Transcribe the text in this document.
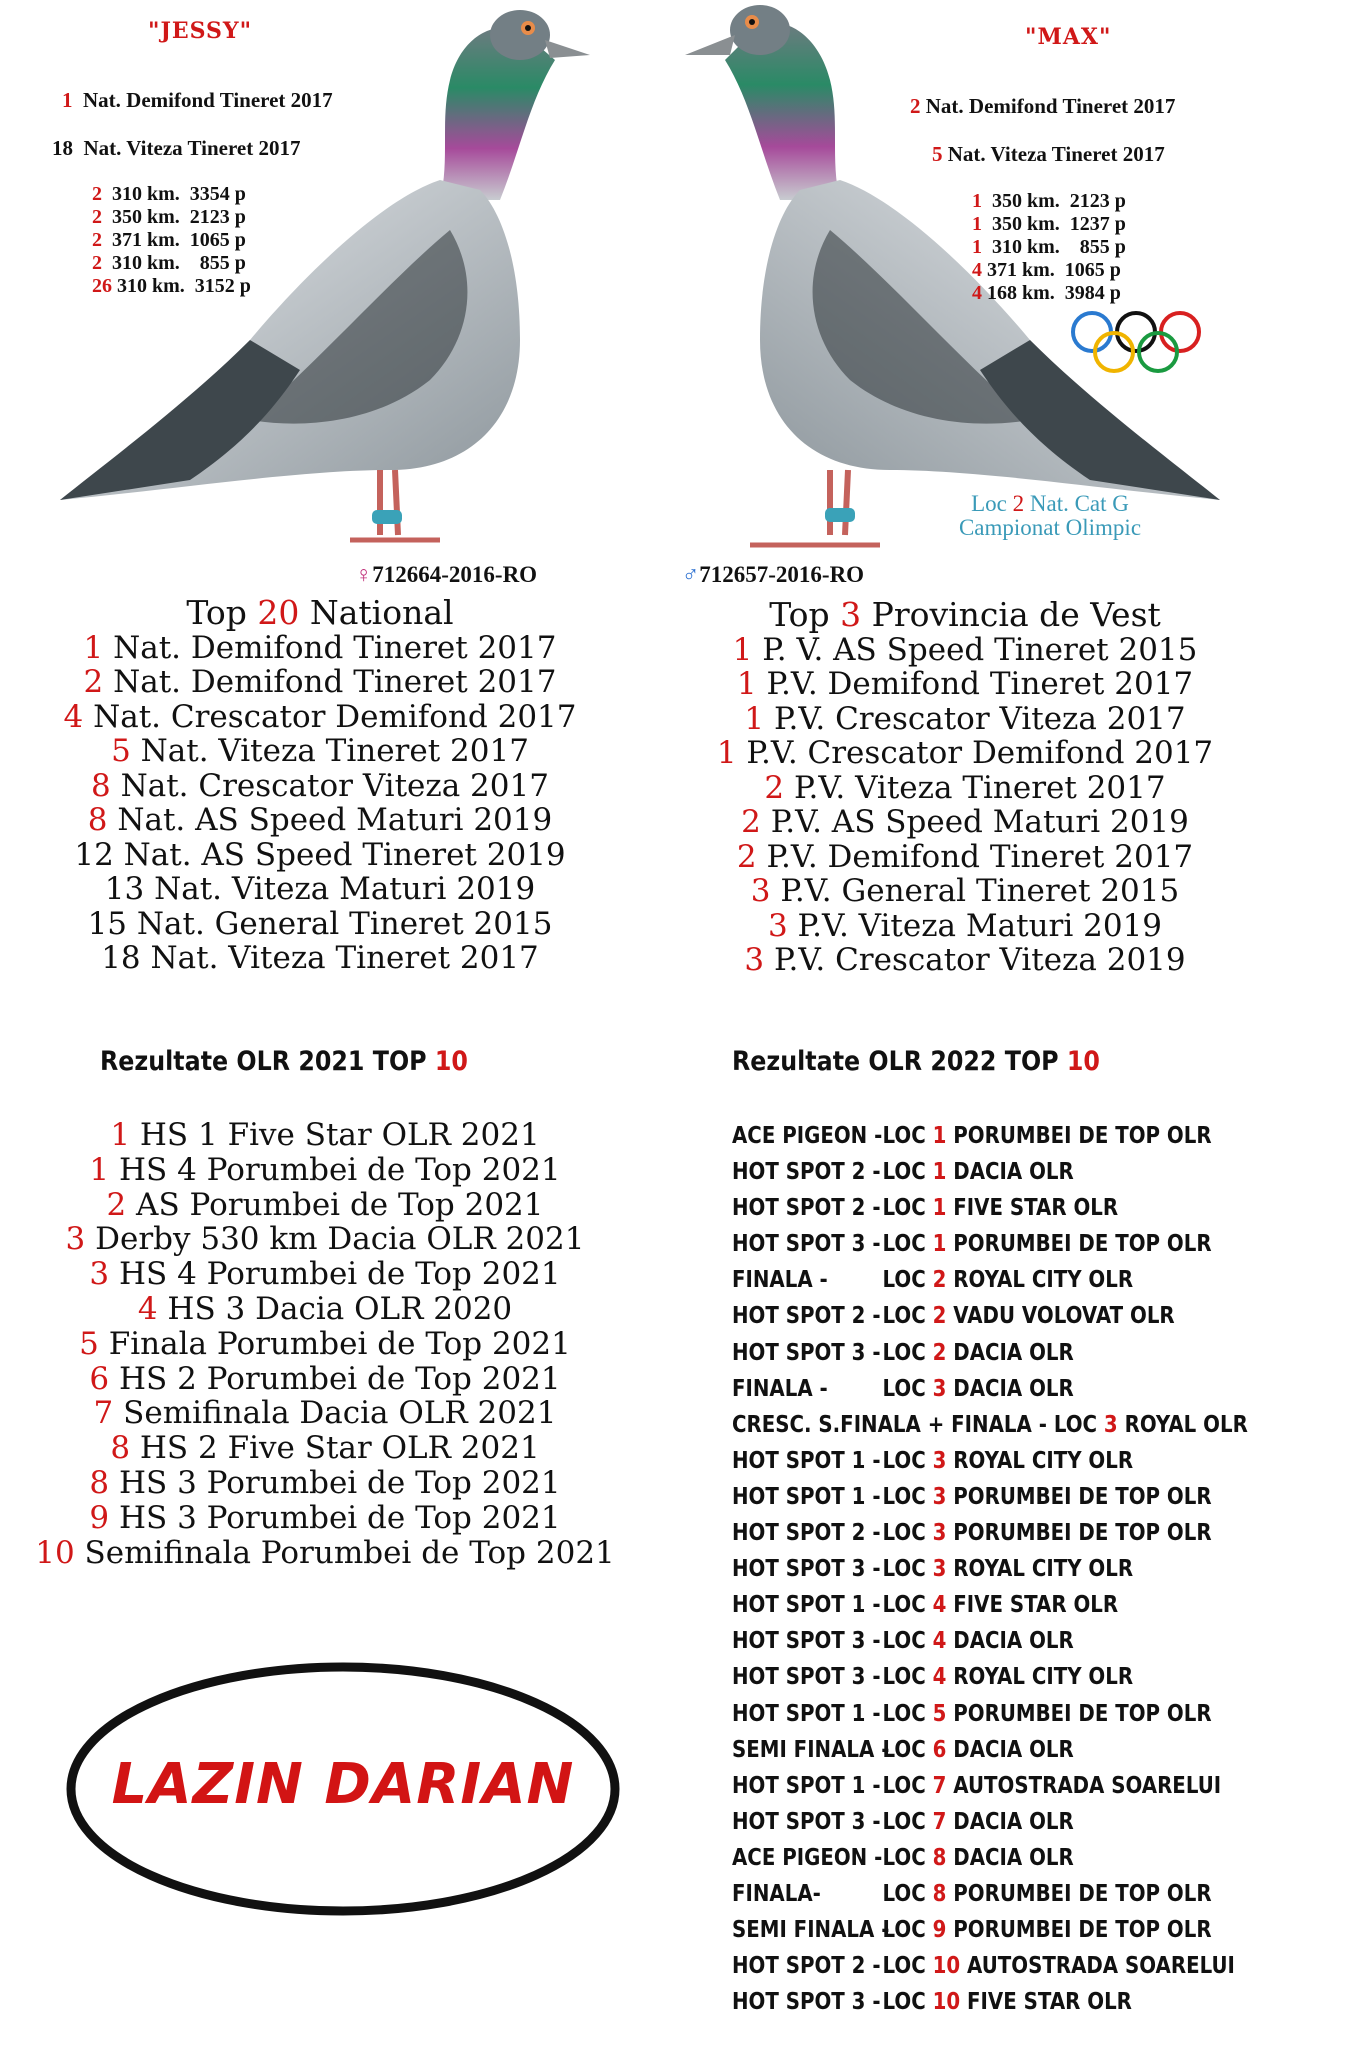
"JESSY"
1 Nat. Demifond Tineret 2017
18 Nat. Viteza Tineret 2017
2  310 km.  3354 p
2  350 km.  2123 p
2  371 km.  1065 p
2  310 km.    855 p
26 310 km.  3152 p
♀712664-2016-RO
"MAX"
2 Nat. Demifond Tineret 2017
5 Nat. Viteza Tineret 2017
1  350 km.  2123 p
1  350 km.  1237 p
1  310 km.    855 p
4 371 km.  1065 p
4 168 km.  3984 p
Loc 2 Nat. Cat G
Campionat Olimpic
♂712657-2016-RO
Top 20 National
1 Nat. Demifond Tineret 2017
2 Nat. Demifond Tineret 2017
4 Nat. Crescator Demifond 2017
5 Nat. Viteza Tineret 2017
8 Nat. Crescator Viteza 2017
8 Nat. AS Speed Maturi 2019
12 Nat. AS Speed Tineret 2019
13 Nat. Viteza Maturi 2019
15 Nat. General Tineret 2015
18 Nat. Viteza Tineret 2017
Top 3 Provincia de Vest
1 P. V. AS Speed Tineret 2015
1 P.V. Demifond Tineret 2017
1 P.V. Crescator Viteza 2017
1 P.V. Crescator Demifond 2017
2 P.V. Viteza Tineret 2017
2 P.V. AS Speed Maturi 2019
2 P.V. Demifond Tineret 2017
3 P.V. General Tineret 2015
3 P.V. Viteza Maturi 2019
3 P.V. Crescator Viteza 2019
Rezultate OLR 2021 TOP 10
1 HS 1 Five Star OLR 2021
1 HS 4 Porumbei de Top 2021
2 AS Porumbei de Top 2021
3 Derby 530 km Dacia OLR 2021
3 HS 4 Porumbei de Top 2021
4 HS 3 Dacia OLR 2020
5 Finala Porumbei de Top 2021
6 HS 2 Porumbei de Top 2021
7 Semifinala Dacia OLR 2021
8 HS 2 Five Star OLR 2021
8 HS 3 Porumbei de Top 2021
9 HS 3 Porumbei de Top 2021
10 Semifinala Porumbei de Top 2021
Rezultate OLR 2022 TOP 10
ACE PIGEON -LOC 1 PORUMBEI DE TOP OLR
HOT SPOT 2 -LOC 1 DACIA OLR
HOT SPOT 2 -LOC 1 FIVE STAR OLR
HOT SPOT 3 -LOC 1 PORUMBEI DE TOP OLR
FINALA - LOC 2 ROYAL CITY OLR
HOT SPOT 2 -LOC 2 VADU VOLOVAT OLR
HOT SPOT 3 -LOC 2 DACIA OLR
FINALA - LOC 3 DACIA OLR
CRESC. S.FINALA + FINALA - LOC 3 ROYAL OLR
HOT SPOT 1 -LOC 3 ROYAL CITY OLR
HOT SPOT 1 -LOC 3 PORUMBEI DE TOP OLR
HOT SPOT 2 -LOC 3 PORUMBEI DE TOP OLR
HOT SPOT 3 -LOC 3 ROYAL CITY OLR
HOT SPOT 1 -LOC 4 FIVE STAR OLR
HOT SPOT 3 -LOC 4 DACIA OLR
HOT SPOT 3 -LOC 4 ROYAL CITY OLR
HOT SPOT 1 -LOC 5 PORUMBEI DE TOP OLR
SEMI FINALA -LOC 6 DACIA OLR
HOT SPOT 1 -LOC 7 AUTOSTRADA SOARELUI
HOT SPOT 3 -LOC 7 DACIA OLR
ACE PIGEON -LOC 8 DACIA OLR
FINALA-	LOC 8 PORUMBEI DE TOP OLR
SEMI FINALA -LOC 9 PORUMBEI DE TOP OLR
HOT SPOT 2 -LOC 10 AUTOSTRADA SOARELUI
HOT SPOT 3 -LOC 10 FIVE STAR OLR
LAZIN DARIAN
